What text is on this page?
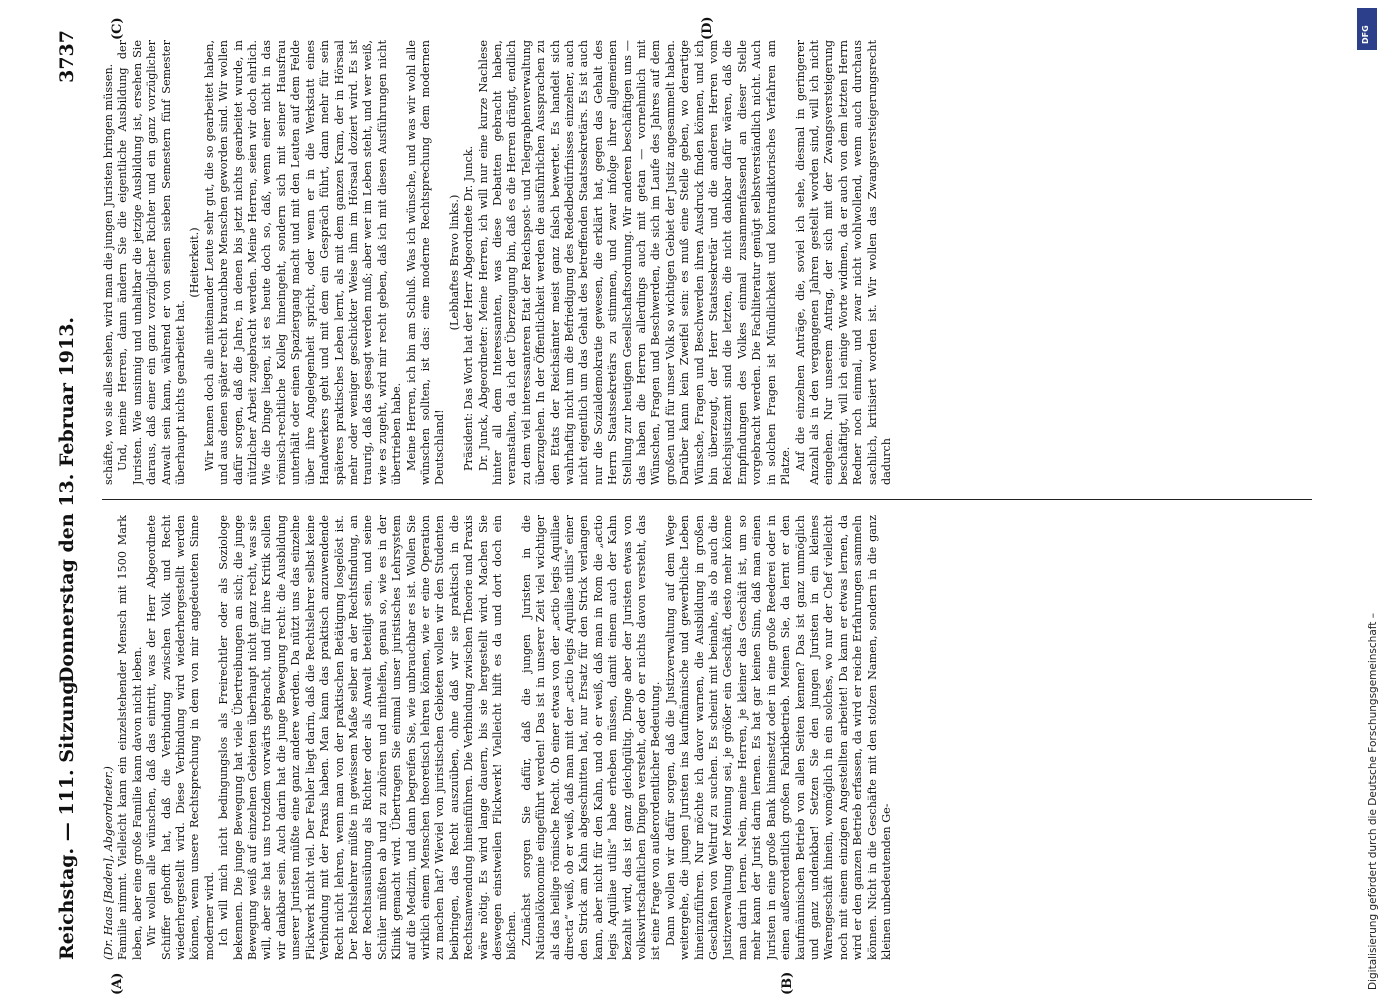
Reichstag. — 111. Sitzung.
Donnerstag den 13. Februar 1913.
3737
(A)	(B)
(C)	(D)

(Dr. Haas [Baden], Abgeordneter.) Familie nimmt. Vielleicht kann ein einzelstehender Mensch mit 1500 Mark leben, aber eine große Familie kann davon nicht leben. Wir wollen alle wünschen, daß das eintritt, was der Herr Abgeordnete Schiffer gehofft hat, daß die Verbindung zwischen Volk und Recht wiederhergestellt wird. Diese Verbindung wird wiederhergestellt werden können, wenn unsere Rechtsprechung in dem von mir angedeuteten Sinne moderner wird. Ich will mich nicht bedingungslos als Freirechtler oder als Soziologe bekennen. Die junge Bewegung hat viele Übertreibungen an sich; die junge Bewegung weiß auf einzelnen Gebieten überhaupt nicht ganz recht, was sie will, aber sie hat uns trotzdem vorwärts gebracht, und für ihre Kritik sollen wir dankbar sein. Auch darin hat die junge Bewegung recht: die Ausbildung unserer Juristen müßte eine ganz andere werden. Da nützt uns das einzelne Flickwerk nicht viel. Der Fehler liegt darin, daß die Rechtslehrer selbst keine Verbindung mit der Praxis haben. Man kann das praktisch anzuwendende Recht nicht lehren, wenn man von der praktischen Betätigung losgelöst ist. Der Rechtslehrer müßte in gewissem Maße selber an der Rechtsfindung, an der Rechtsausübung als Richter oder als Anwalt beteiligt sein, und seine Schüler müßten ab und zu zuhören und mithelfen, genau so, wie es in der Klinik gemacht wird. Übertragen Sie einmal unser juristisches Lehrsystem auf die Medizin, und dann begreifen Sie, wie unbrauchbar es ist. Wollen Sie wirklich einem Menschen theoretisch lehren können, wie er eine Operation zu machen hat? Wieviel von juristischen Gebieten wollen wir den Studenten beibringen, das Recht auszuüben, ohne daß wir sie praktisch in die Rechtsanwendung hineinführen. Die Verbindung zwischen Theorie und Praxis wäre nötig. Es wird lange dauern, bis sie hergestellt wird. Machen Sie deswegen einstweilen Flickwerk! Vielleicht hilft es da und dort doch ein bißchen. Zunächst sorgen Sie dafür, daß die jungen Juristen in die Nationalökonomie eingeführt werden! Das ist in unserer Zeit viel wichtiger als das heilige römische Recht. Ob einer etwas von der „actio legis Aquiliae directa“ weiß, ob er weiß, daß man mit der „actio legis Aquiliae utilis“ einer den Strick am Kahn abgeschnitten hat, nur Ersatz für den Strick verlangen kann, aber nicht für den Kahn, und ob er weiß, daß man in Rom die „actio legis Aquiliae utilis“ habe erheben müssen, damit einem auch der Kahn bezahlt wird, das ist ganz gleichgültig. Dinge aber der Juristen etwas von volkswirtschaftlichen Dingen versteht, oder ob er nichts davon versteht, das ist eine Frage von außerordentlicher Bedeutung. Dann wollen wir dafür sorgen, daß die Justizverwaltung auf dem Wege weitergehe, die jungen Juristen ins kaufmännische und gewerbliche Leben hineinzuführen. Nur möchte ich davor warnen, die Ausbildung in großen Geschäften von Weltruf zu suchen. Es scheint mit beinahe, als ob auch die Justizverwaltung der Meinung sei, je größer ein Geschäft, desto mehr könne man darin lernen. Nein, meine Herren, je kleiner das Geschäft ist, um so mehr kann der Jurist darin lernen. Es hat gar keinen Sinn, daß man einen Juristen in eine große Bank hineinsetzt oder in eine große Reederei oder in einen außerordentlich großen Fabrikbetrieb. Meinen Sie, da lernt er den kaufmännischen Betrieb von allen Seiten kennen? Das ist ganz unmöglich und ganz undenkbar! Setzen Sie den jungen Juristen in ein kleines Warengeschäft hinein, womöglich in ein solches, wo nur der Chef vielleicht noch mit einem einzigen Angestellten arbeitet! Da kann er etwas lernen, da wird er den ganzen Betrieb erfassen, da wird er reiche Erfahrungen sammeln können. Nicht in die Geschäfte mit den stolzen Namen, sondern in die ganz kleinen unbedeutenden Ge-

schäfte, wo sie alles sehen, wird man die jungen Juristen bringen müssen. Und, meine Herren, dann ändern Sie die eigentliche Ausbildung der Juristen. Wie unsinnig und unhaltbar die jetzige Ausbildung ist, ersehen Sie daraus, daß einer ein ganz vorzüglicher Richter und ein ganz vorzüglicher Anwalt sein kann, während er von seinen sieben Semestern fünf Semester überhaupt nichts gearbeitet hat.

(Heiterkeit.) Wir kennen doch alle miteinander Leute sehr gut, die so gearbeitet haben, und aus denen später recht brauchbare Menschen geworden sind. Wir wollen dafür sorgen, daß die Jahre, in denen bis jetzt nichts gearbeitet wurde, in nützlicher Arbeit zugebracht werden. Meine Herren, seien wir doch ehrlich. Wie die Dinge liegen, ist es heute doch so, daß, wenn einer nicht in das römisch-rechtliche Kolleg hineingeht, sondern sich mit seiner Hausfrau unterhält oder einen Spaziergang macht und mit den Leuten auf dem Felde über ihre Angelegenheit spricht, oder wenn er in die Werkstatt eines Handwerkers geht und mit dem ein Gespräch führt, dann mehr für sein späteres praktisches Leben lernt, als mit dem ganzen Kram, der in Hörsaal mehr oder weniger geschickter Weise ihm im Hörsaal doziert wird. Es ist traurig, daß das gesagt werden muß; aber wer im Leben steht, und wer weiß, wie es zugeht, wird mir recht geben, daß ich mit diesen Ausführungen nicht übertrieben habe. Meine Herren, ich bin am Schluß. Was ich wünsche, und was wir wohl alle wünschen sollten, ist das: eine moderne Rechtsprechung dem modernen Deutschland!

(Lebhaftes Bravo links.) Präsident: Das Wort hat der Herr Abgeordnete Dr. Junck. Dr. Junck, Abgeordneter: Meine Herren, ich will nur eine kurze Nachlese hinter all dem Interessanten, was diese Debatten gebracht haben, veranstalten, da ich der Überzeugung bin, daß es die Herren drängt, endlich zu dem viel interessanteren Etat der Reichspost- und Telegraphenverwaltung überzugehen. In der Öffentlichkeit werden die ausführlichen Aussprachen zu den Etats der Reichsämter meist ganz falsch bewertet. Es handelt sich wahrhaftig nicht um die Befriedigung des Rededbedürfnisses einzelner, auch nicht eigentlich um das Gehalt des betreffenden Staatssekretärs. Es ist auch nur die Sozialdemokratie gewesen, die erklärt hat, gegen das Gehalt des Herrn Staatssekretärs zu stimmen, und zwar infolge ihrer allgemeinen Stellung zur heutigen Gesellschaftsordnung. Wir anderen beschäftigen uns — das haben die Herren allerdings auch mit getan — vornehmlich mit Wünschen, Fragen und Beschwerden, die sich im Laufe des Jahres auf dem großen und für unser Volk so wichtigen Gebiet der Justiz angesammelt haben. Darüber kann kein Zweifel sein: es muß eine Stelle geben, wo derartige Wünsche, Fragen und Beschwerden ihren Ausdruck finden können, und ich bin überzeugt, der Herr Staatssekretär und die anderen Herren vom Reichsjustizamt sind die letzten, die nicht dankbar dafür wären, daß die Empfindungen des Volkes einmal zusammenfassend an dieser Stelle vorgebracht werden. Die Fachliteratur genügt selbstverständlich nicht. Auch in solchen Fragen ist Mündlichkeit und kontradiktorisches Verfahren am Platze. Auf die einzelnen Anträge, die, soviel ich sehe, diesmal in geringerer Anzahl als in den vergangenen Jahren gestellt worden sind, will ich nicht eingehen. Nur unserem Antrag, der sich mit der Zwangsversteigerung beschäftigt, will ich einige Worte widmen, da er auch von dem letzten Herrn Redner noch einmal, und zwar nicht wohlwollend, wenn auch durchaus sachlich, kritisiert worden ist. Wir wollen das Zwangsversteigerungsrecht dadurch

DFG
Digitalisierung gefördert durch die Deutsche Forschungsgemeinschaft –
